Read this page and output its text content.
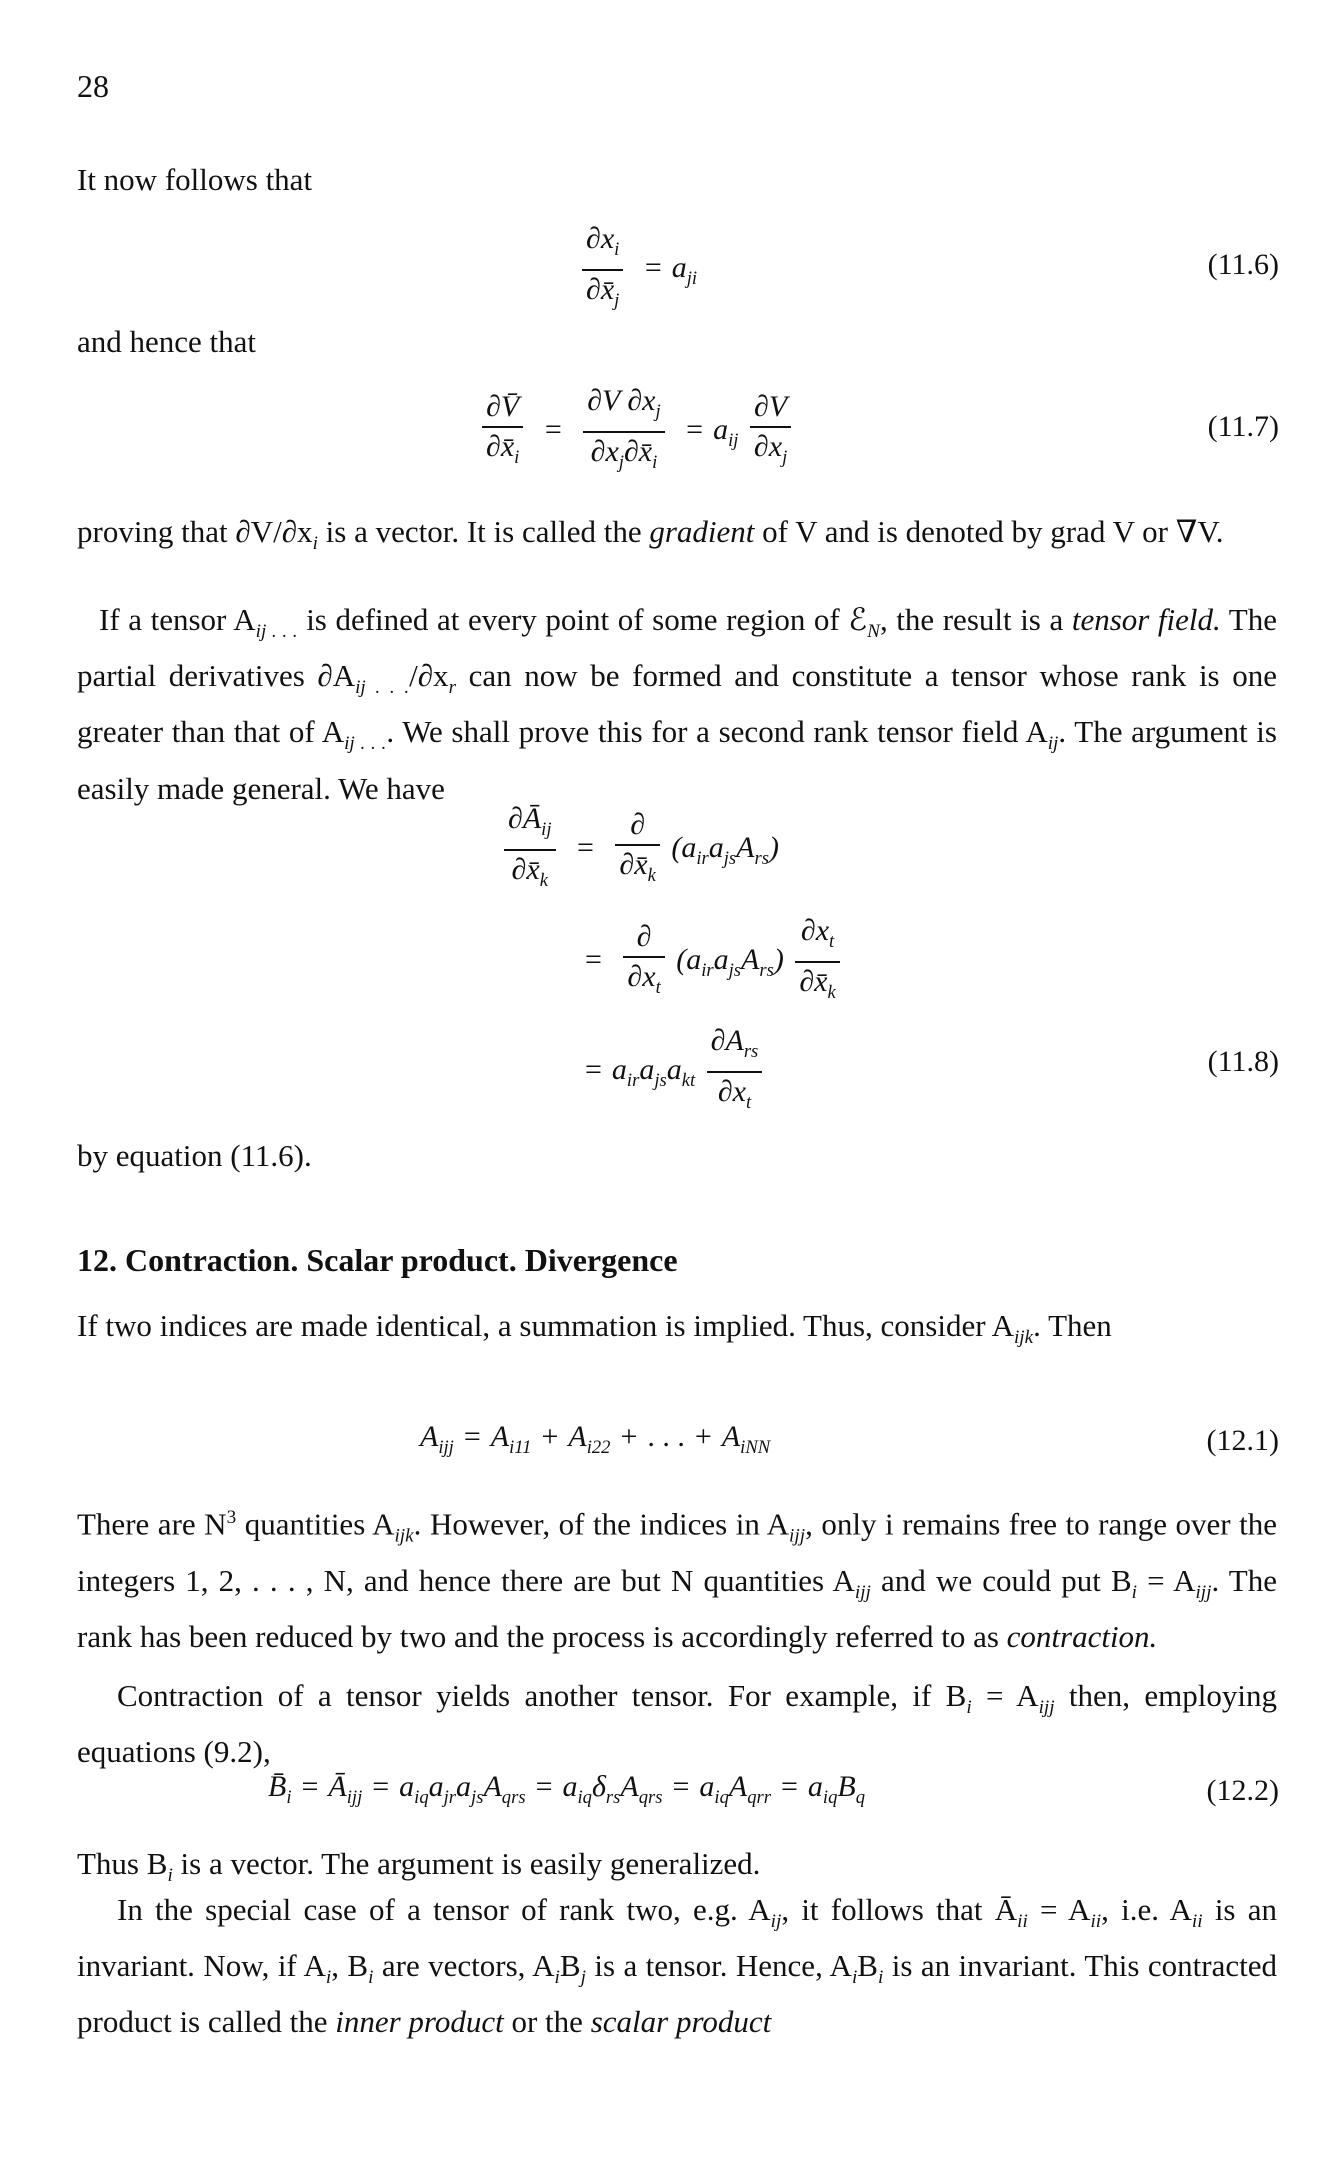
28
It now follows that
$\frac{\partial x_i}{\partial x̄_j} = a_{ji}$	(11.6)
and hence that
$\frac{\partial V̄}{\partial x̄_i} = \frac{\partial V \partial x_j}{\partial x_j\partial x̄_i} = a_{ij} \frac{\partial V}{\partial x_j}$	(11.7)
proving that $\partial V/\partial x_i$ is a vector. It is called the gradient of V and is denoted by grad V or ∇V.
If a tensor $A_{ij . . .}$ is defined at every point of some region of ℰ$_N$, the result is a tensor field. The partial derivatives $\partial A_{ij . . .}/\partial x_r$ can now be formed and constitute a tensor whose rank is one greater than that of $A_{ij . . .}$. We shall prove this for a second rank tensor field $A_{ij}$. The argument is easily made general. We have
$\frac{\partial Ā_{ij}}{\partial x̄_k} = \frac{\partial}{\partial x̄_k} (a_{ir}a_{js}A_{rs})$
= $\frac{\partial}{\partial x_t} (a_{ir}a_{js}A_{rs}) \frac{\partial x_t}{\partial x̄_k}$
= $a_{ir}a_{js}a_{kt} \frac{\partial A_{rs}}{\partial x_t}$	(11.8)
by equation (11.6).
12. Contraction. Scalar product. Divergence
If two indices are made identical, a summation is implied. Thus, consider $A_{ijk}$. Then
$A_{ijj} = A_{i11} + A_{i22}$ + . . . + $A_{iNN}$	(12.1)
There are $N^3$ quantities $A_{ijk}$. However, of the indices in $A_{ijj}$, only i remains free to range over the integers 1, 2, . . . , N, and hence there are but N quantities $A_{ijj}$ and we could put $B_i = A_{ijj}$. The rank has been reduced by two and the process is accordingly referred to as contraction.
Contraction of a tensor yields another tensor. For example, if $B_i = A_{ijj}$ then, employing equations (9.2),
$B̄_i$ = $Ā_{ijj} = a_{iq}a_{jr}a_{js}A_{qrs} = a_{iq}\delta_{rs}A_{qrs} = a_{iq}A_{qrr} = a_{iq}B_q$	(12.2)
Thus $B_i$ is a vector. The argument is easily generalized.
In the special case of a tensor of rank two, e.g. $A_{ij}$, it follows that $Ā_{ii} = A_{ii}$, i.e. $A_{ii}$ is an invariant. Now, if $A_i$, $B_i$ are vectors, $A_iB_j$ is a tensor. Hence, $A_iB_i$ is an invariant. This contracted product is called the inner product or the scalar product
